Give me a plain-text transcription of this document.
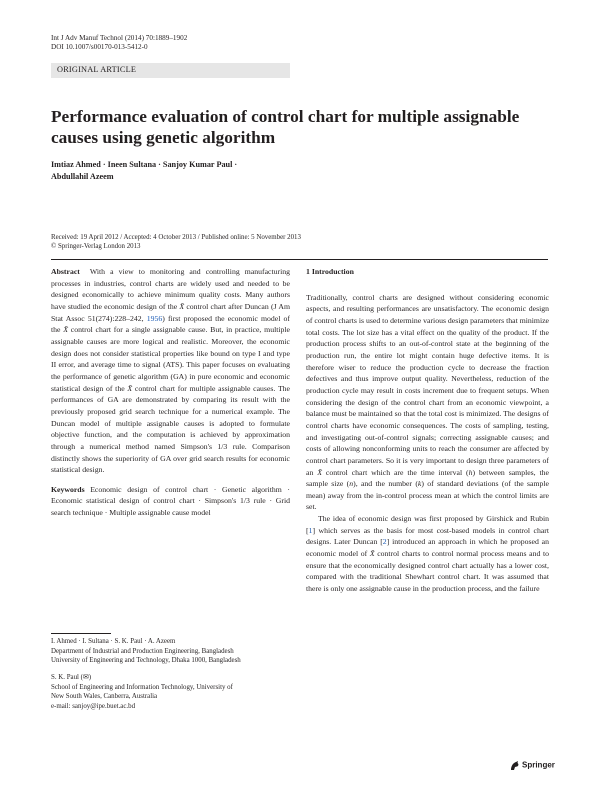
Int J Adv Manuf Technol (2014) 70:1889–1902
DOI 10.1007/s00170-013-5412-0
ORIGINAL ARTICLE
Performance evaluation of control chart for multiple assignable causes using genetic algorithm
Imtiaz Ahmed · Ineen Sultana · Sanjoy Kumar Paul ·
Abdullahil Azeem
Received: 19 April 2012 / Accepted: 4 October 2013 / Published online: 5 November 2013
© Springer-Verlag London 2013

Abstract With a view to monitoring and controlling manufacturing processes in industries, control charts are widely used and needed to be designed economically to achieve minimum quality costs. Many authors have studied the economic design of the X̄ control chart after Duncan (J Am Stat Assoc 51(274):228–242, 1956) first proposed the economic model of the X̄ control chart for a single assignable cause. But, in practice, multiple assignable causes are more logical and realistic. Moreover, the economic design does not consider statistical properties like bound on type I and type II error, and average time to signal (ATS). This paper focuses on evaluating the performance of genetic algorithm (GA) in pure economic and economic statistical design of the X̄ control chart for multiple assignable causes. The performances of GA are demonstrated by comparing its result with the previously proposed grid search technique for a numerical example. The Duncan model of multiple assignable causes is adopted to formulate objective function, and the computation is achieved by approximation through a numerical method named Simpson's 1/3 rule. Comparison distinctly shows the superiority of GA over grid search results for economic statistical design.

Keywords Economic design of control chart · Genetic algorithm · Economic statistical design of control chart · Simpson's 1/3 rule · Grid search technique · Multiple assignable cause model

I. Ahmed · I. Sultana · S. K. Paul · A. Azeem
Department of Industrial and Production Engineering, Bangladesh
University of Engineering and Technology, Dhaka 1000, Bangladesh
S. K. Paul (✉)
School of Engineering and Information Technology, University of
New South Wales, Canberra, Australia
e-mail: sanjoy@ipe.buet.ac.bd

1 Introduction

Traditionally, control charts are designed without considering economic aspects, and resulting performances are unsatisfactory. The economic design of control charts is used to determine various design parameters that minimize total costs. The lot size has a vital effect on the quality of the product. If the production process shifts to an out-of-control state at the beginning of the production run, the entire lot might contain huge defective items. It is therefore wiser to reduce the production cycle to decrease the fraction defectives and thus improve output quality. Nevertheless, reduction of the production cycle may result in costs increment due to frequent setups. When considering the design of the control chart from an economic viewpoint, a balance must be maintained so that the total cost is minimized. The designs of control charts have economic consequences. The costs of sampling, testing, and investigating out-of-control signals; correcting assignable causes; and costs of allowing nonconforming units to reach the consumer are affected by control chart parameters. So it is very important to design three parameters of an X̄ control chart which are the time interval (h) between samples, the sample size (n), and the number (k) of standard deviations (of the sample mean) away from the in-control process mean at which the control limits are set.

The idea of economic design was first proposed by Girshick and Rubin [1] which serves as the basis for most cost-based models in control chart designs. Later Duncan [2] introduced an approach in which he proposed an economic model of X̄ control charts to control normal process means and to ensure that the economically designed control chart actually has a lower cost, compared with the traditional Shewhart control chart. It was assumed that there is only one assignable cause in the production process, and the failure

Springer
